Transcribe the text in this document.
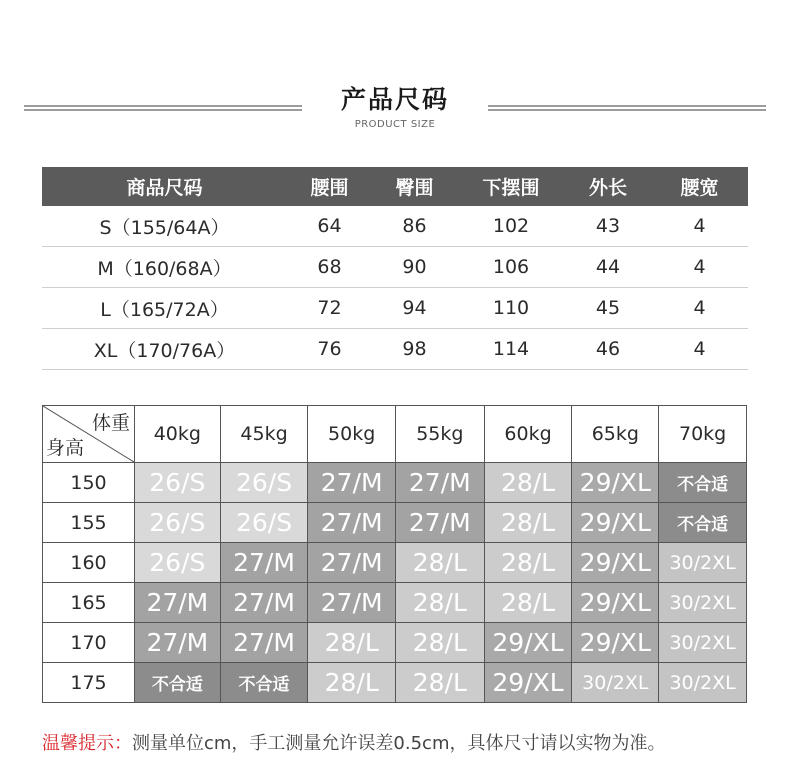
产品尺码
PRODUCT SIZE
商品尺码	腰围	臀围	下摆围	外长	腰宽
S（155/64A）	64	86	102	43	4
M（160/68A）	68	90	106	44	4
L（165/72A）	72	94	110	45	4
XL（170/76A）	76	98	114	46	4
体重
身高	40kg	45kg	50kg	55kg	60kg	65kg	70kg
150	26/S	26/S	27/M	27/M	28/L	29/XL	不合适
155	26/S	26/S	27/M	27/M	28/L	29/XL	不合适
160	26/S	27/M	27/M	28/L	28/L	29/XL	30/2XL
165	27/M	27/M	27/M	28/L	28/L	29/XL	30/2XL
170	27/M	27/M	28/L	28/L	29/XL	29/XL	30/2XL
175	不合适	不合适	28/L	28/L	29/XL	30/2XL	30/2XL
温馨提示：测量单位cm，手工测量允许误差0.5cm，具体尺寸请以实物为准。
